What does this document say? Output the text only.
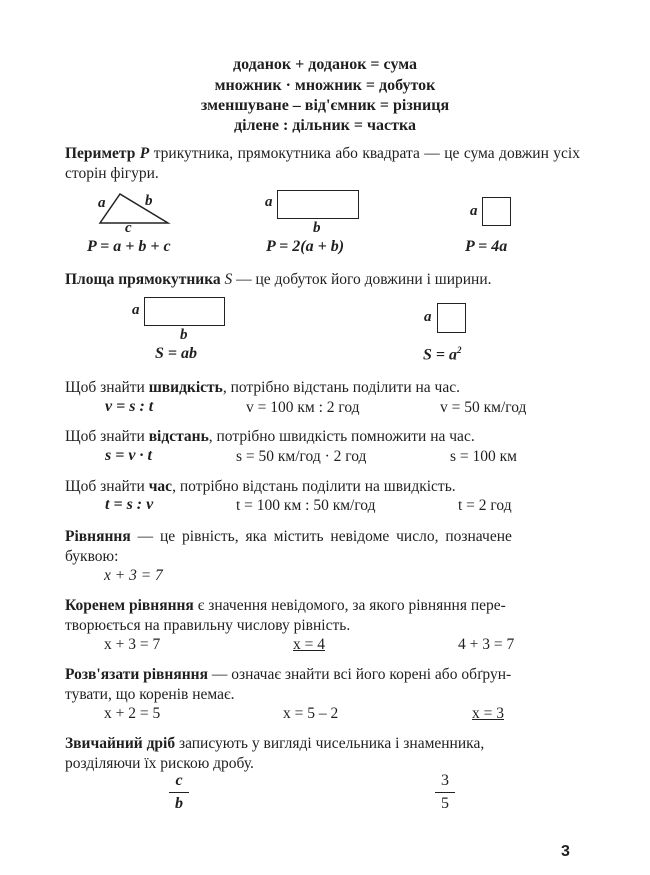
доданок + доданок = сума
множник · множник = добуток
зменшуване – від'ємник = різниця
ділене : дільник = частка
Периметр P трикутника, прямокутника або квадрата — це сума довжин усіх сторін фігури.
a	b
c
P = a + b + c
a
b
P = 2(a + b)
a
P = 4a
Площа прямокутника S — це добуток його довжини і ширини.
a
b
S = ab
a
$S = a^2$
Щоб знайти швидкість, потрібно відстань поділити на час.
v = s : t	v = 100 км : 2 год	v = 50 км/год
Щоб знайти відстань, потрібно швидкість помножити на час.
s = v · t	s = 50 км/год · 2 год	s = 100 км
Щоб знайти час, потрібно відстань поділити на швидкість.
t = s : v	t = 100 км : 50 км/год	t = 2 год
Рівняння — це рівність, яка містить невідоме число, позначене
буквою:
x + 3 = 7
Коренем рівняння є значення невідомого, за якого рівняння пере-
творюється на правильну числову рівність.
x + 3 = 7	x = 4	4 + 3 = 7
Розв'язати рівняння — означає знайти всі його корені або обґрун-
тувати, що коренів немає.
x + 2 = 5	x = 5 – 2	x = 3
Звичайний дріб записують у вигляді чисельника і знаменника,
розділяючи їх рискою дробу.
c
b
3
5
3
